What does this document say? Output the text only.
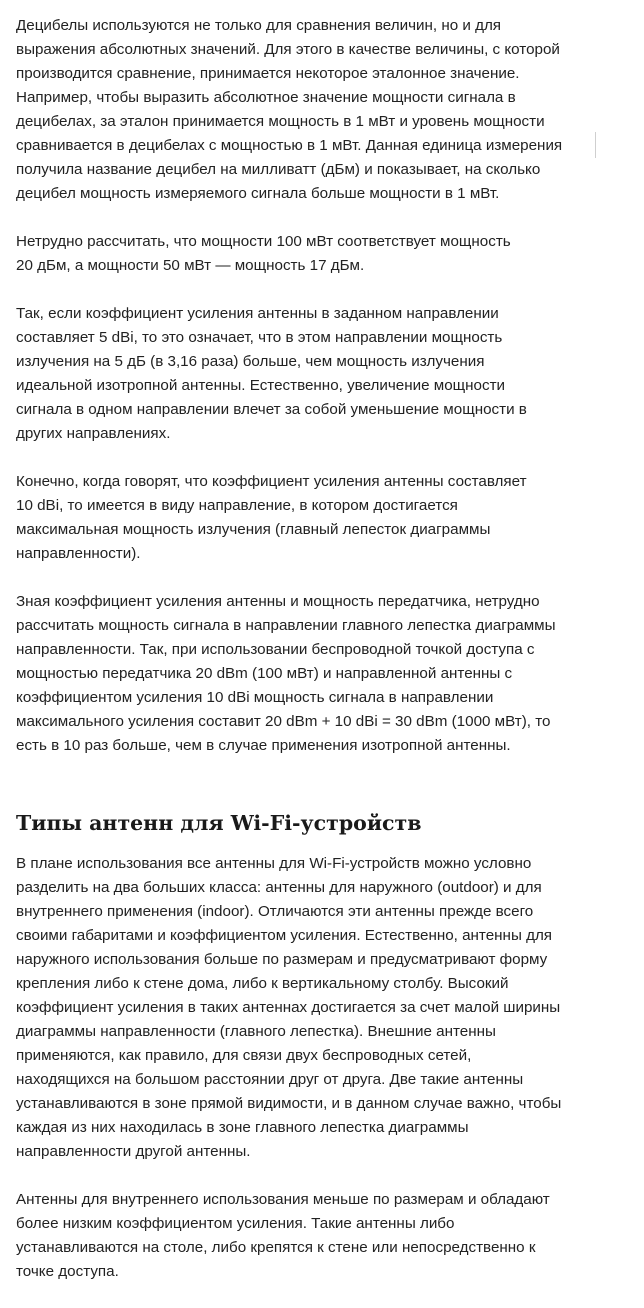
Децибелы используются не только для сравнения величин, но и для
выражения абсолютных значений. Для этого в качестве величины, с которой
производится сравнение, принимается некоторое эталонное значение.
Например, чтобы выразить абсолютное значение мощности сигнала в
децибелах, за эталон принимается мощность в 1 мВт и уровень мощности
сравнивается в децибелах с мощностью в 1 мВт. Данная единица измерения
получила название децибел на милливатт (дБм) и показывает, на сколько
децибел мощность измеряемого сигнала больше мощности в 1 мВт.

Нетрудно рассчитать, что мощности 100 мВт соответствует мощность
20 дБм, а мощности 50 мВт — мощность 17 дБм.

Так, если коэффициент усиления антенны в заданном направлении
составляет 5 dBi, то это означает, что в этом направлении мощность
излучения на 5 дБ (в 3,16 раза) больше, чем мощность излучения
идеальной изотропной антенны. Естественно, увеличение мощности
сигнала в одном направлении влечет за собой уменьшение мощности в
других направлениях.

Конечно, когда говорят, что коэффициент усиления антенны составляет
10 dBi, то имеется в виду направление, в котором достигается
максимальная мощность излучения (главный лепесток диаграммы
направленности).

Зная коэффициент усиления антенны и мощность передатчика, нетрудно
рассчитать мощность сигнала в направлении главного лепестка диаграммы
направленности. Так, при использовании беспроводной точкой доступа с
мощностью передатчика 20 dBm (100 мВт) и направленной антенны с
коэффициентом усиления 10 dBi мощность сигнала в направлении
максимального усиления составит 20 dBm + 10 dBi = 30 dBm (1000 мВт), то
есть в 10 раз больше, чем в случае применения изотропной антенны.

Типы антенн для Wi-Fi-устройств

В плане использования все антенны для Wi-Fi-устройств можно условно
разделить на два больших класса: антенны для наружного (outdoor) и для
внутреннего применения (indoor). Отличаются эти антенны прежде всего
своими габаритами и коэффициентом усиления. Естественно, антенны для
наружного использования больше по размерам и предусматривают форму
крепления либо к стене дома, либо к вертикальному столбу. Высокий
коэффициент усиления в таких антеннах достигается за счет малой ширины
диаграммы направленности (главного лепестка). Внешние антенны
применяются, как правило, для связи двух беспроводных сетей,
находящихся на большом расстоянии друг от друга. Две такие антенны
устанавливаются в зоне прямой видимости, и в данном случае важно, чтобы
каждая из них находилась в зоне главного лепестка диаграммы
направленности другой антенны.

Антенны для внутреннего использования меньше по размерам и обладают
более низким коэффициентом усиления. Такие антенны либо
устанавливаются на столе, либо крепятся к стене или непосредственно к
точке доступа.
